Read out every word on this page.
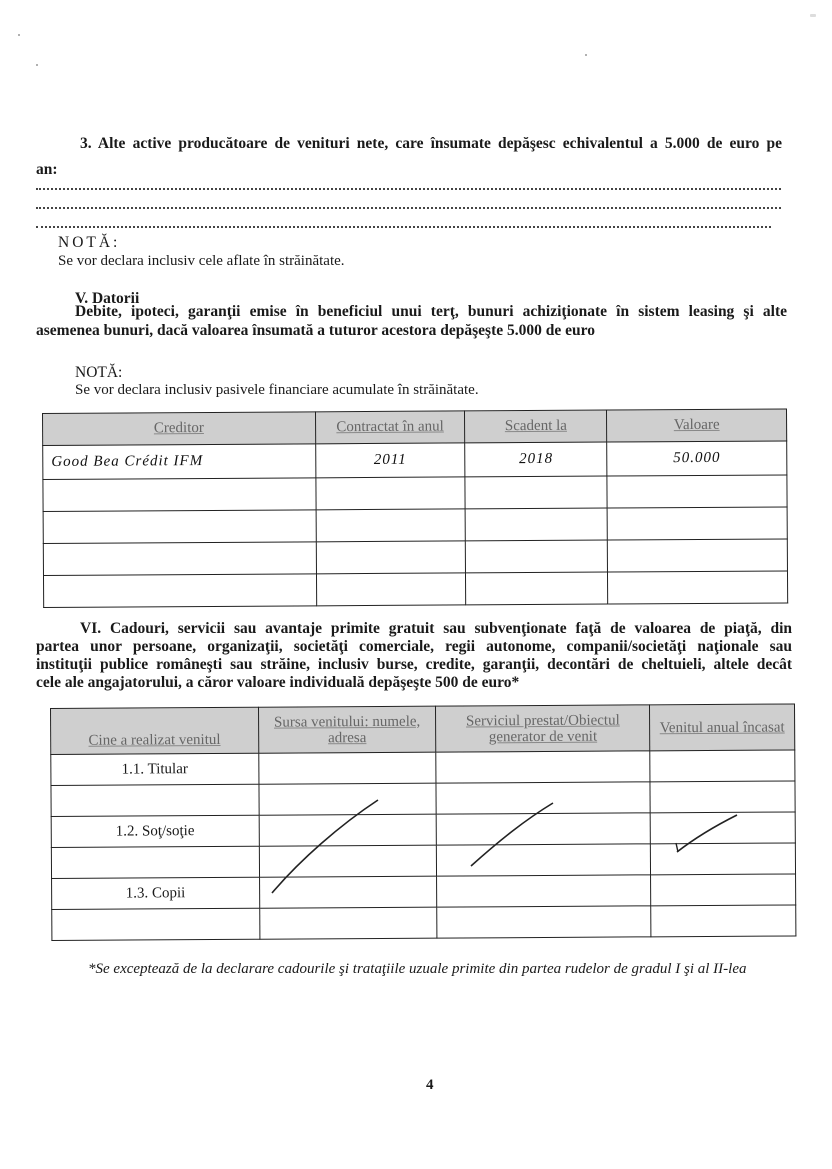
3. Alte active producătoare de venituri nete, care însumate depăşesc echivalentul a 5.000 de euro pe
an:
NOTĂ:
Se vor declara inclusiv cele aflate în străinătate.
V. Datorii
Debite, ipoteci, garanţii emise în beneficiul unui terţ, bunuri achiziţionate în sistem leasing şi alte
asemenea bunuri, dacă valoarea însumată a tuturor acestora depăşeşte 5.000 de euro
NOTĂ:
Se vor declara inclusiv pasivele financiare acumulate în străinătate.
Creditor	Contractat în anul	Scadent la	Valoare
Good Bea Crédit IFM	2011	2018	50.000

VI. Cadouri, servicii sau avantaje primite gratuit sau subvenţionate faţă de valoarea de piaţă, din
partea unor persoane, organizaţii, societăţi comerciale, regii autonome, companii/societăţi naţionale sau
instituţii publice româneşti sau străine, inclusiv burse, credite, garanţii, decontări de cheltuieli, altele decât
cele ale angajatorului, a căror valoare individuală depăşeşte 500 de euro*
Cine a realizat venitul	Sursa venitului: numele, adresa	Serviciul prestat/Obiectul generator de venit	Venitul anual încasat
1.1. Titular			

1.2. Soţ/soţie			

1.3. Copii			

*Se exceptează de la declarare cadourile şi trataţiile uzuale primite din partea rudelor de gradul I şi al II-lea
4
